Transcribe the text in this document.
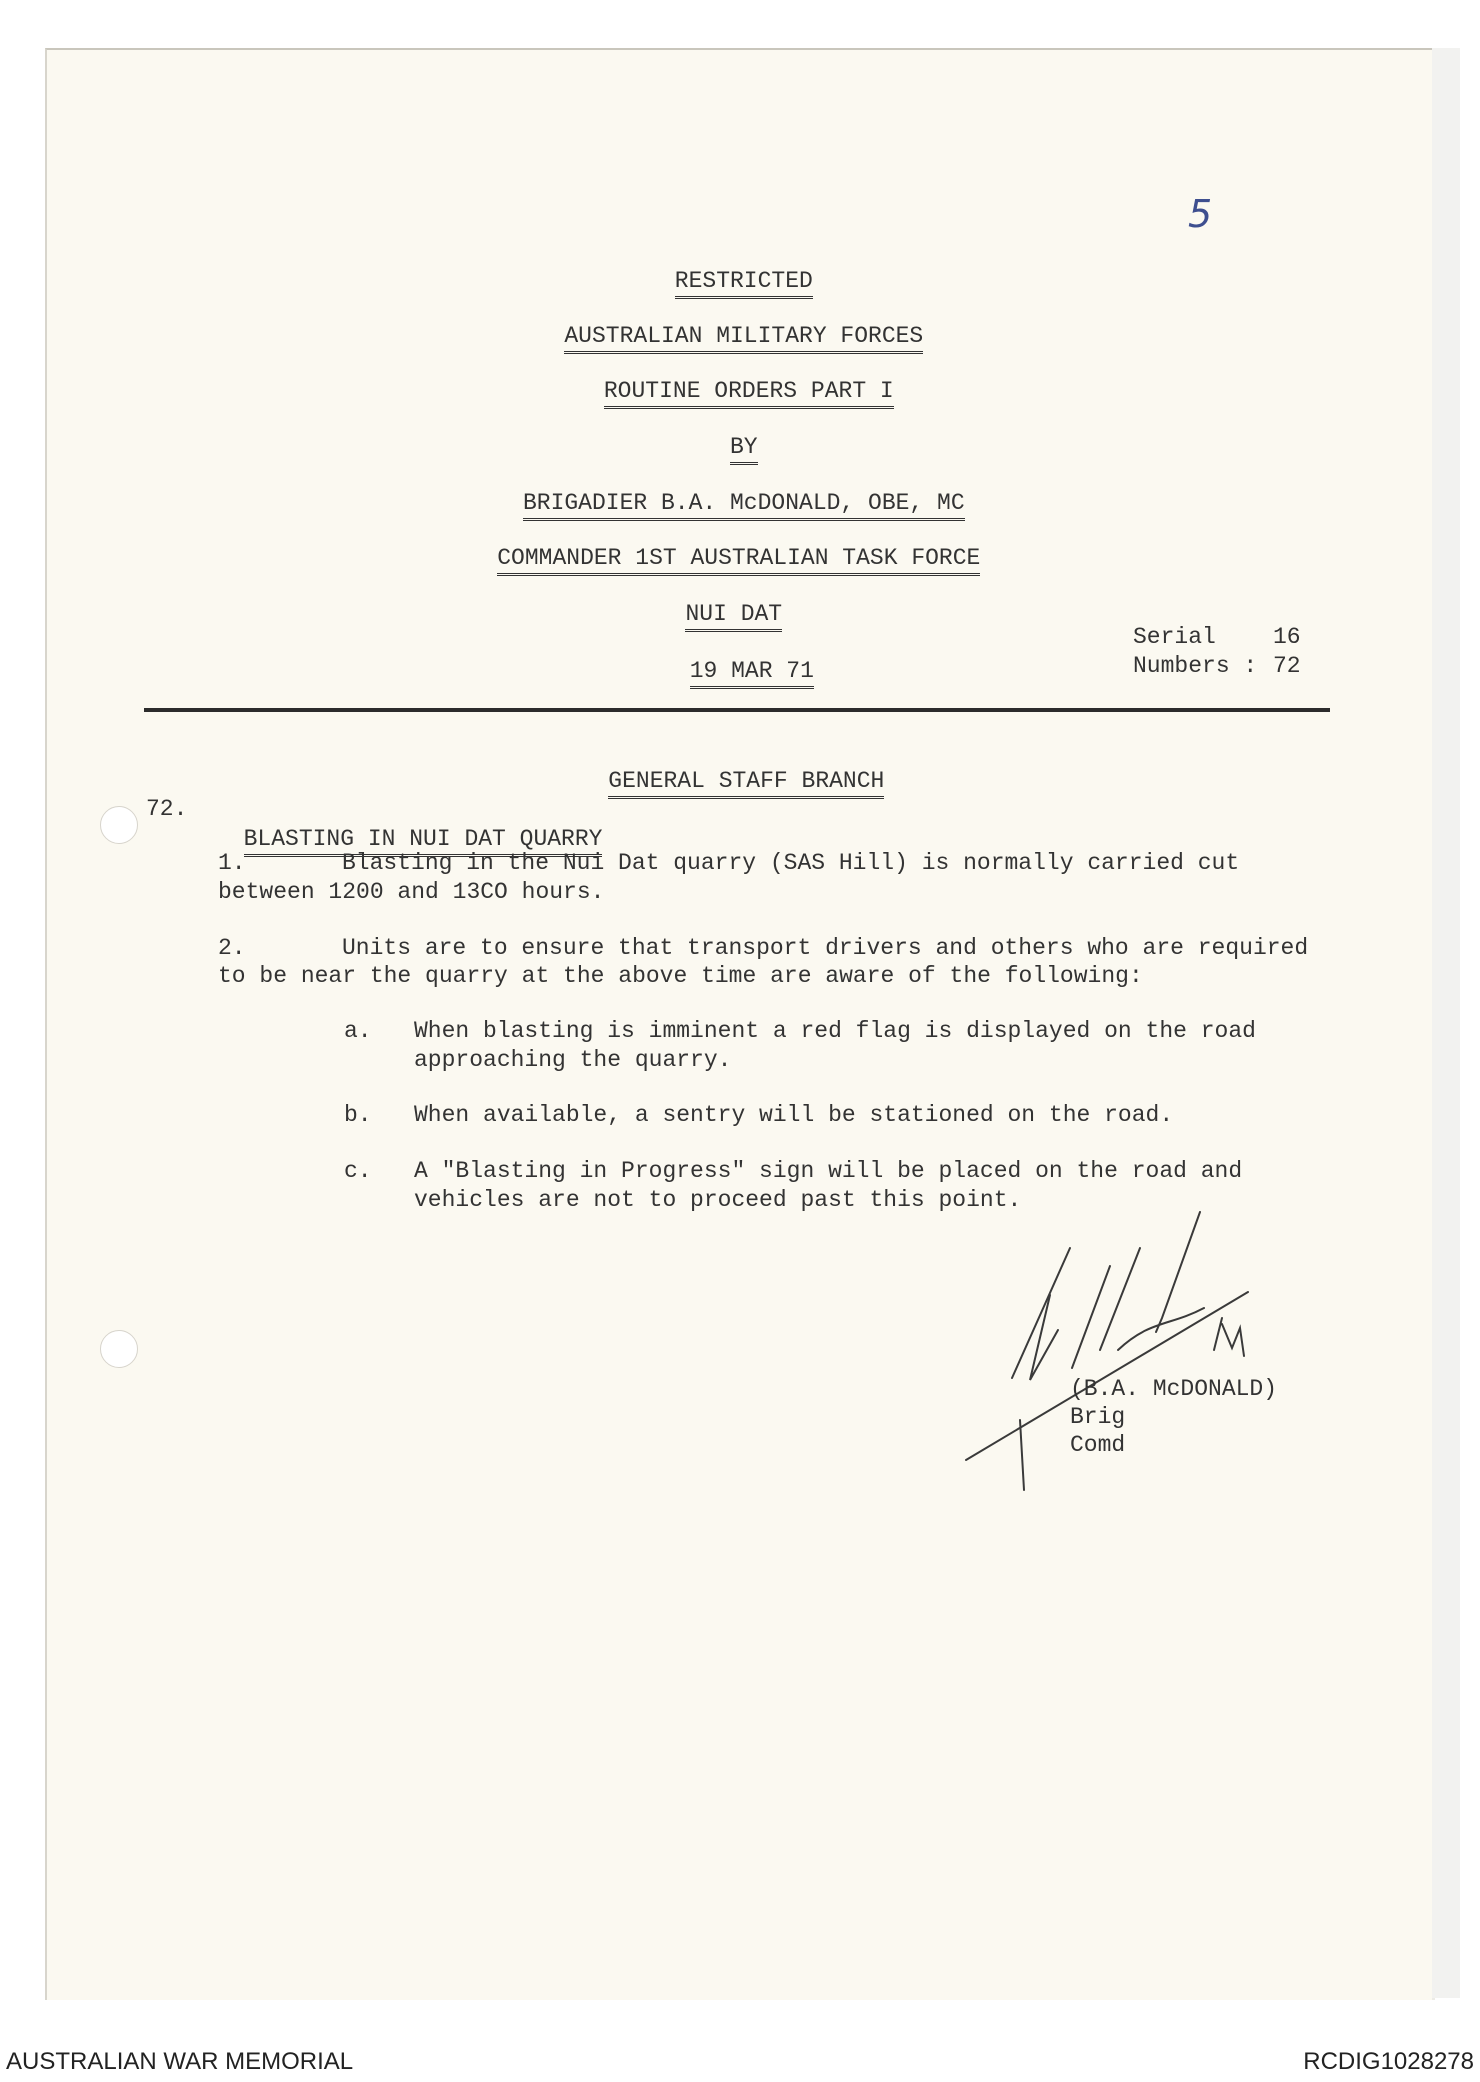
5

RESTRICTED

AUSTRALIAN MILITARY FORCES

ROUTINE ORDERS PART I

BY

BRIGADIER B.A. McDONALD, OBE, MC

COMMANDER 1ST AUSTRALIAN TASK FORCE

NUI DAT

19 MAR 71

Serial 16
Numbers : 72

GENERAL STAFF BRANCH

72.

BLASTING IN NUI DAT QUARRY

1.	Blasting in the Nui Dat quarry (SAS Hill) is normally carried cut
between 1200 and 13CO hours.
2.	Units are to ensure that transport drivers and others who are required
to be near the quarry at the above time are aware of the following:
a. When blasting is imminent a red flag is displayed on the road
approaching the quarry.
b. When available, a sentry will be stationed on the road.
c. A "Blasting in Progress" sign will be placed on the road and
vehicles are not to proceed past this point.
(B.A. McDONALD)
Brig
Comd
AUSTRALIAN WAR MEMORIAL	RCDIG1028278
